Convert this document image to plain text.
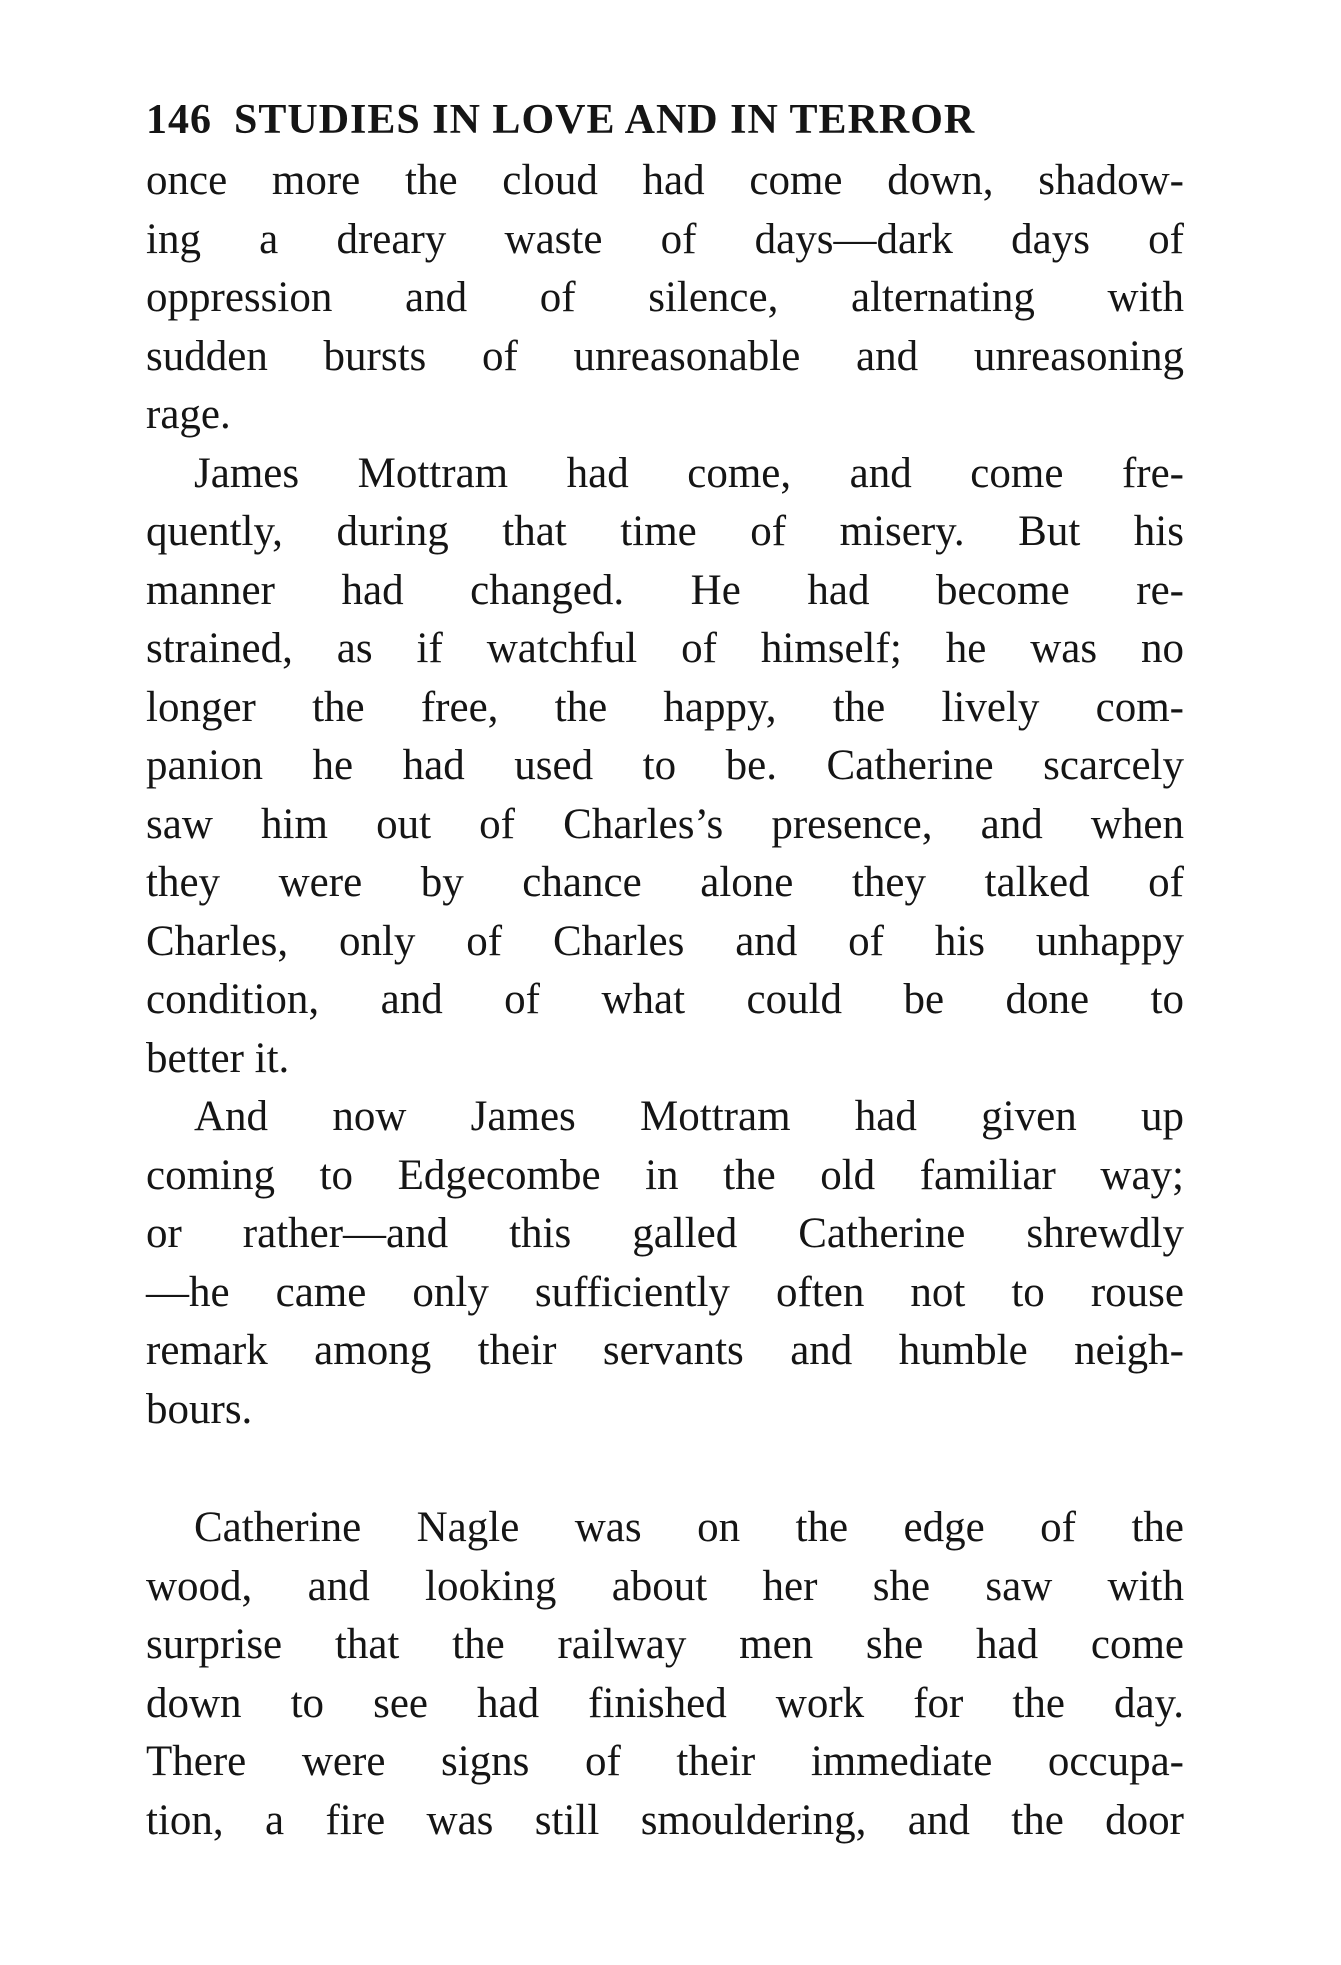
146 STUDIES IN LOVE AND IN TERROR
once more the cloud had come down, shadow-
ing a dreary waste of days—dark days of
oppression and of silence, alternating with
sudden bursts of unreasonable and unreasoning
rage.
James Mottram had come, and come fre-
quently, during that time of misery. But his
manner had changed. He had become re-
strained, as if watchful of himself; he was no
longer the free, the happy, the lively com-
panion he had used to be. Catherine scarcely
saw him out of Charles’s presence, and when
they were by chance alone they talked of
Charles, only of Charles and of his unhappy
condition, and of what could be done to
better it.
And now James Mottram had given up
coming to Edgecombe in the old familiar way;
or rather—and this galled Catherine shrewdly
—he came only sufficiently often not to rouse
remark among their servants and humble neigh-
bours.
Catherine Nagle was on the edge of the
wood, and looking about her she saw with
surprise that the railway men she had come
down to see had finished work for the day.
There were signs of their immediate occupa-
tion, a fire was still smouldering, and the door
